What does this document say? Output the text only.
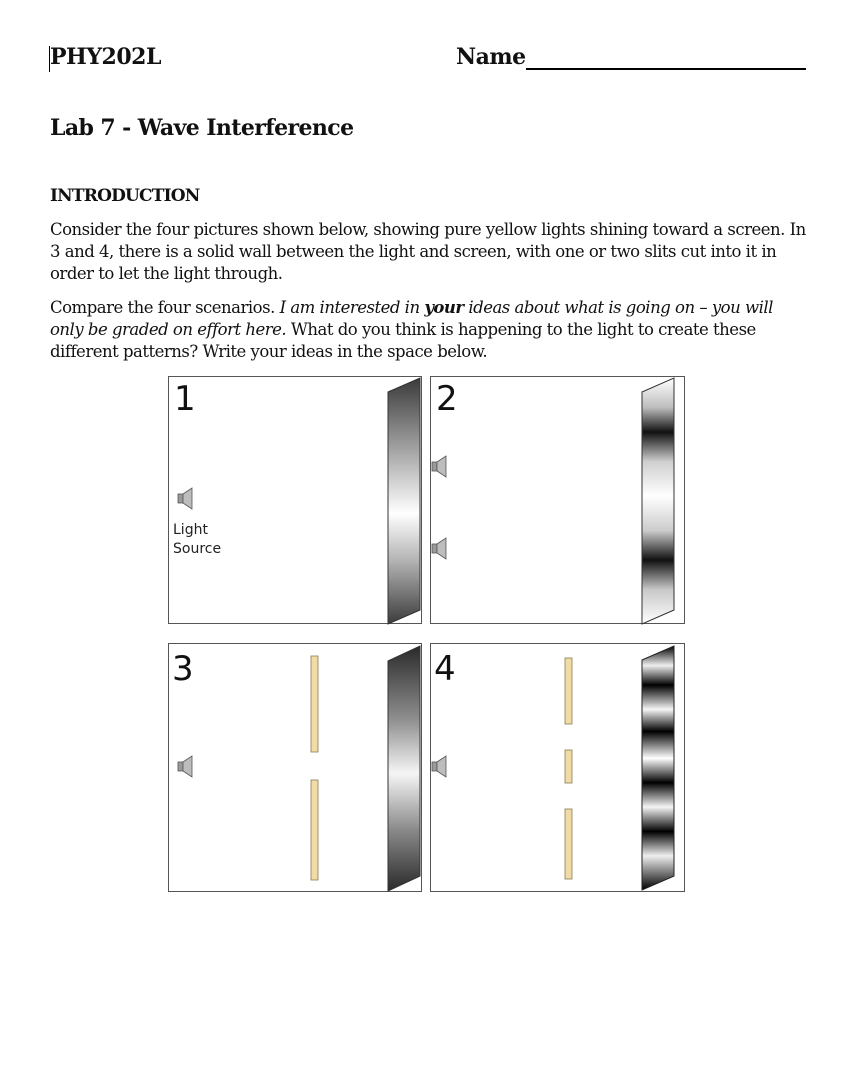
PHY202L	Name
Lab 7 - Wave Interference
INTRODUCTION

Consider the four pictures shown below, showing pure yellow lights shining toward a screen. In 3 and 4, there is a solid wall between the light and screen, with one or two slits cut into it in order to let the light through.

Compare the four scenarios. I am interested in your ideas about what is going on – you will only be graded on effort here. What do you think is happening to the light to create these different patterns? Write your ideas in the space below.

1
Light
Source
2
3	4
